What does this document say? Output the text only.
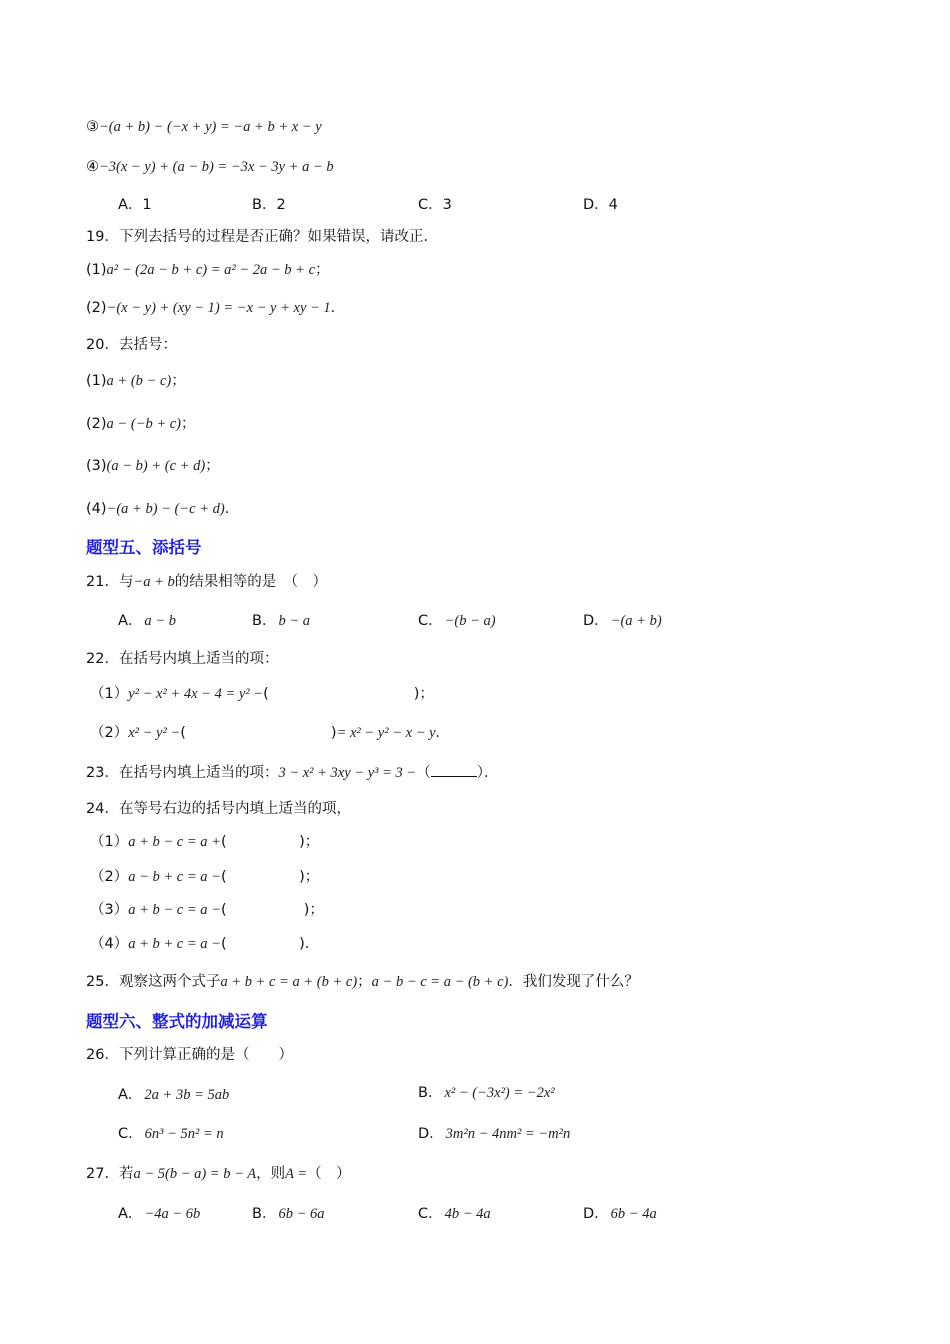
③−(a + b) − (−x + y) = −a + b + x − y
④−3(x − y) + (a − b) = −3x − 3y + a − b
A．1	B．2	C．3	D．4
19．下列去括号的过程是否正确？如果错误，请改正．
(1)a² − (2a − b + c) = a² − 2a − b + c；
(2)−(x − y) + (xy − 1) = −x − y + xy − 1．
20．去括号：
(1)a + (b − c)；
(2)a − (−b + c)；
(3)(a − b) + (c + d)；
(4)−(a + b) − (−c + d)．
题型五、添括号
21．与−a + b的结果相等的是　（　）
A． a − b	B． b − a	C． −(b − a)	D． −(a + b)
22．在括号内填上适当的项：
（1）y² − x² + 4x − 4 = y² −(　　　　　　　　　　)；
（2）x² − y² −(　　　　　　　　　　)= x² − y² − x − y．
23．在括号内填上适当的项：3 − x² + 3xy − y³ = 3 −（	）．
24．在等号右边的括号内填上适当的项，
（1）a + b − c = a +(　　　　　)；
（2）a − b + c = a −(　　　　　)；
（3）a + b − c = a −(　　　　　 )；
（4）a + b + c = a −(　　　　　)．
25．观察这两个式子a + b + c = a + (b + c)；a − b − c = a − (b + c)．我们发现了什么？
题型六、整式的加减运算
26．下列计算正确的是（　　）
A． 2a + 3b = 5ab	B． x² − (−3x²) = −2x²
C． 6n³ − 5n² = n	D． 3m²n − 4nm² = −m²n
27．若a − 5(b − a) = b − A，则A =（　）
A． −4a − 6b	B． 6b − 6a	C． 4b − 4a	D． 6b − 4a
